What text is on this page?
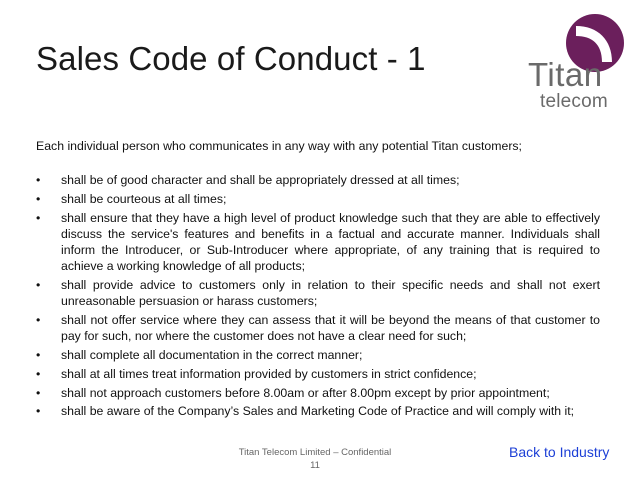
Sales Code of Conduct - 1	Titan
telecom

Each individual person who communicates in any way with any potential Titan customers;

• shall be of good character and shall be appropriately dressed at all times;
• shall be courteous at all times;
• shall ensure that they have a high level of product knowledge such that they are able to effectively discuss the service's features and benefits in a factual and accurate manner. Individuals shall inform the Introducer, or Sub-Introducer where appropriate, of any training that is required to achieve a working knowledge of all products;
• shall provide advice to customers only in relation to their specific needs and shall not exert unreasonable persuasion or harass customers;
• shall not offer service where they can assess that it will be beyond the means of that customer to pay for such, nor where the customer does not have a clear need for such;
• shall complete all documentation in the correct manner;
• shall at all times treat information provided by customers in strict confidence;
• shall not approach customers before 8.00am or after 8.00pm except by prior appointment;
• shall be aware of the Company’s Sales and Marketing Code of Practice and will comply with it;
Titan Telecom Limited – Confidential
11
Back to Industry
